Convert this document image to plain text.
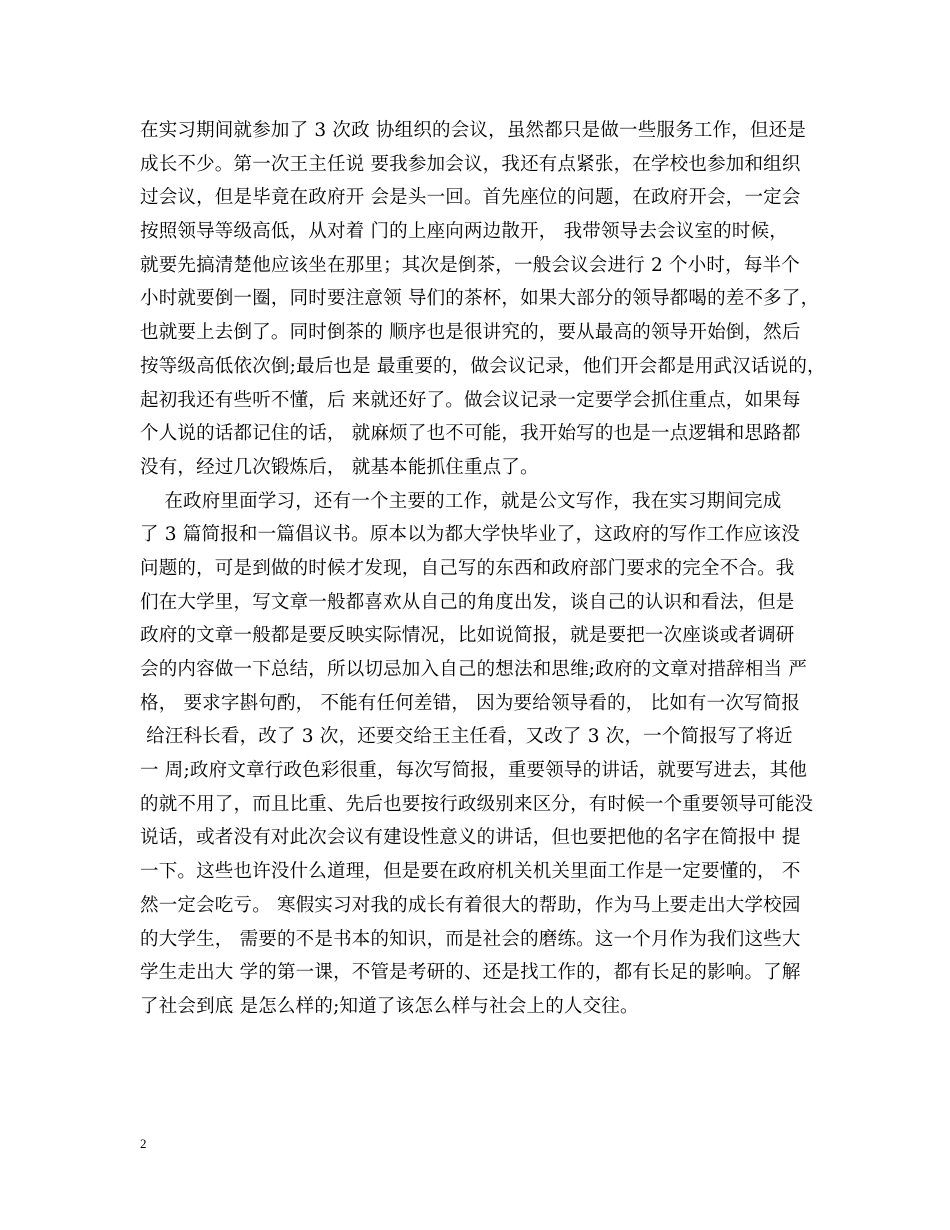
在实习期间就参加了 3 次政 协组织的会议，虽然都只是做一些服务工作，但还是
成长不少。第一次王主任说 要我参加会议，我还有点紧张，在学校也参加和组织
过会议，但是毕竟在政府开 会是头一回。首先座位的问题，在政府开会，一定会
按照领导等级高低，从对着 门的上座向两边散开， 我带领导去会议室的时候，
就要先搞清楚他应该坐在那里；其次是倒茶，一般会议会进行 2 个小时，每半个
小时就要倒一圈，同时要注意领 导们的茶杯，如果大部分的领导都喝的差不多了，
也就要上去倒了。同时倒茶的 顺序也是很讲究的，要从最高的领导开始倒，然后
按等级高低依次倒;最后也是 最重要的，做会议记录，他们开会都是用武汉话说的，
起初我还有些听不懂，后 来就还好了。做会议记录一定要学会抓住重点，如果每
个人说的话都记住的话， 就麻烦了也不可能，我开始写的也是一点逻辑和思路都
没有，经过几次锻炼后， 就基本能抓住重点了。
在政府里面学习，还有一个主要的工作，就是公文写作，我在实习期间完成
了 3 篇简报和一篇倡议书。原本以为都大学快毕业了，这政府的写作工作应该没
问题的，可是到做的时候才发现，自己写的东西和政府部门要求的完全不合。我
们在大学里，写文章一般都喜欢从自己的角度出发，谈自己的认识和看法，但是
政府的文章一般都是要反映实际情况，比如说简报，就是要把一次座谈或者调研
会的内容做一下总结，所以切忌加入自己的想法和思维;政府的文章对措辞相当 严
格， 要求字斟句酌， 不能有任何差错， 因为要给领导看的， 比如有一次写简报
给汪科长看，改了 3 次，还要交给王主任看，又改了 3 次，一个简报写了将近
一 周;政府文章行政色彩很重，每次写简报，重要领导的讲话，就要写进去，其他
的就不用了，而且比重、先后也要按行政级别来区分，有时候一个重要领导可能没
说话，或者没有对此次会议有建设性意义的讲话，但也要把他的名字在简报中 提
一下。这些也许没什么道理，但是要在政府机关机关里面工作是一定要懂的， 不
然一定会吃亏。 寒假实习对我的成长有着很大的帮助，作为马上要走出大学校园
的大学生， 需要的不是书本的知识，而是社会的磨练。这一个月作为我们这些大
学生走出大 学的第一课，不管是考研的、还是找工作的，都有长足的影响。了解
了社会到底 是怎么样的;知道了该怎么样与社会上的人交往。
2
